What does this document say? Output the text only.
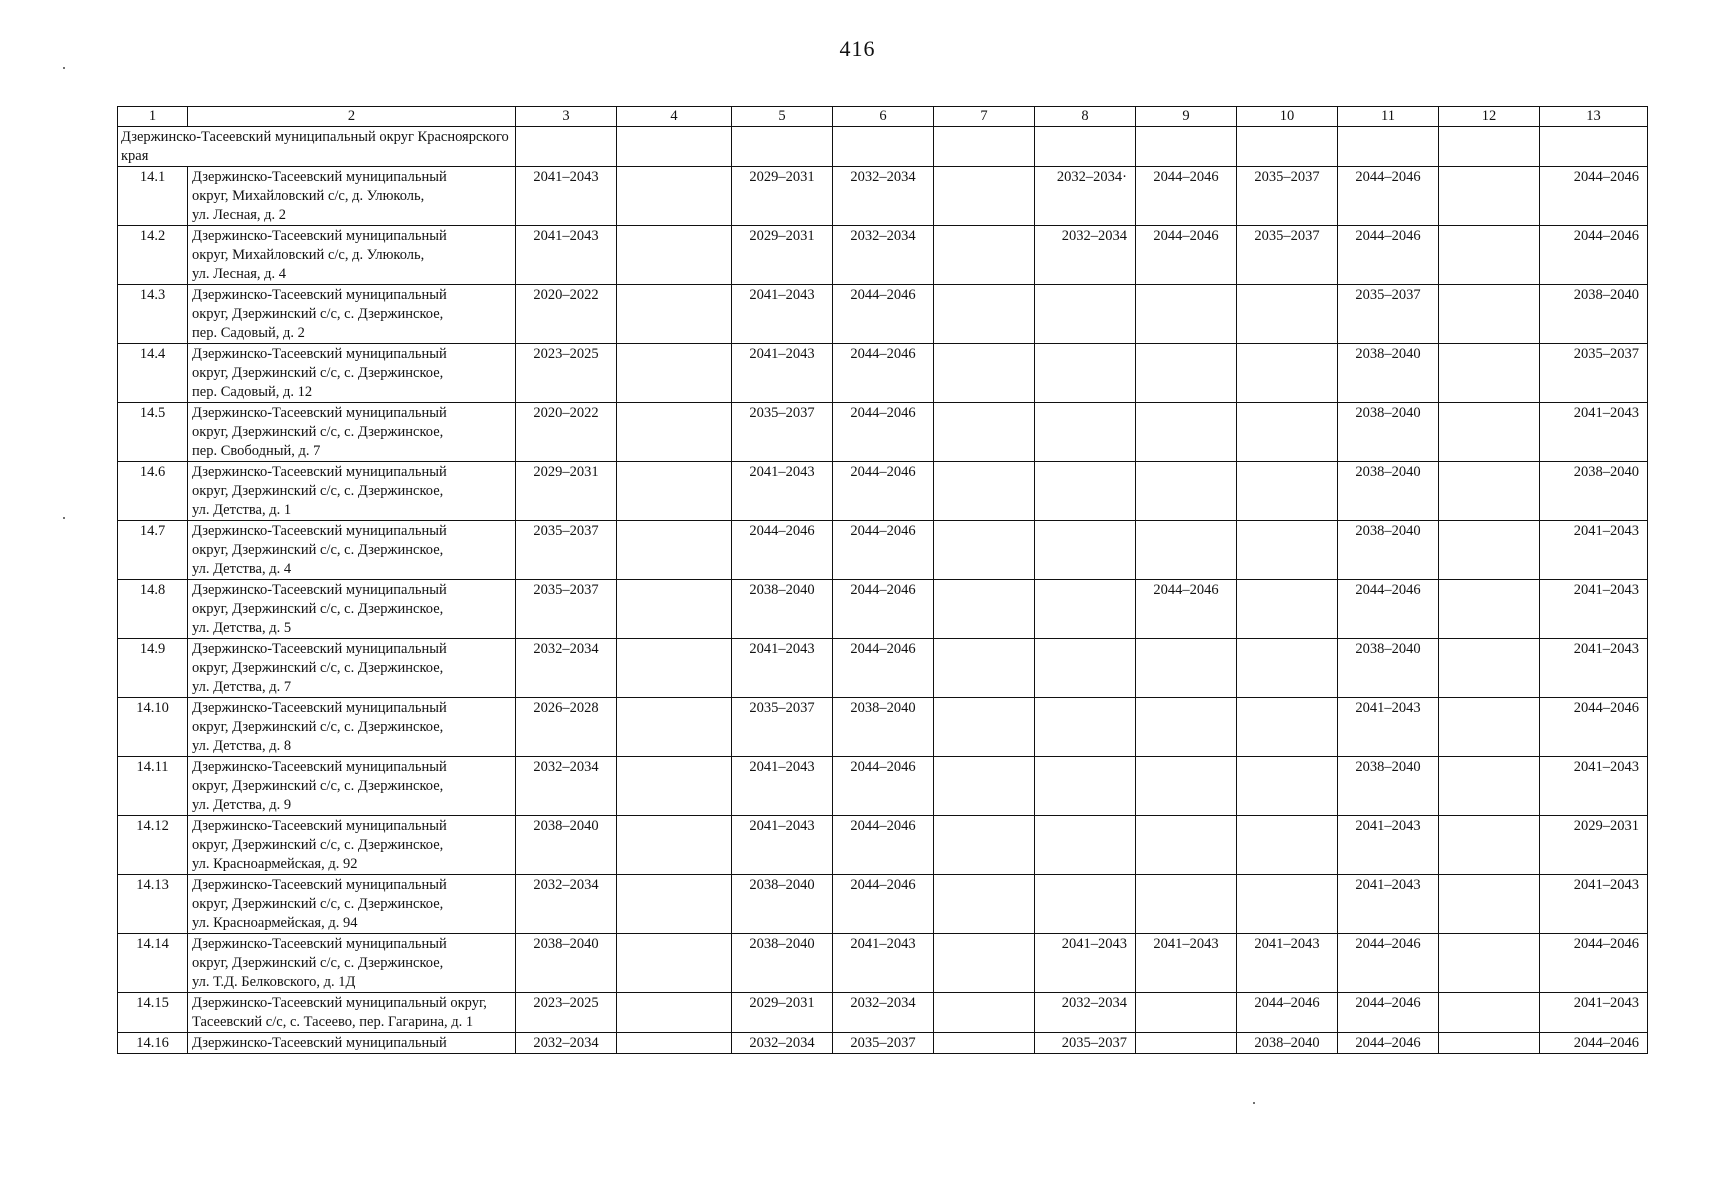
416
1	2	3	4	5	6	7	8	9	10	11	12	13
Дзержинско-Тасеевский муниципальный округ Красноярского края												
14.1	Дзержинско-Тасеевский муниципальный
округ, Михайловский с/с, д. Улюколь,
ул. Лесная, д. 2	2041–2043		2029–2031	2032–2034		2032–2034·	2044–2046	2035–2037	2044–2046		2044–2046
14.2	Дзержинско-Тасеевский муниципальный
округ, Михайловский с/с, д. Улюколь,
ул. Лесная, д. 4	2041–2043		2029–2031	2032–2034		2032–2034	2044–2046	2035–2037	2044–2046		2044–2046
14.3	Дзержинско-Тасеевский муниципальный
округ, Дзержинский с/с, с. Дзержинское,
пер. Садовый, д. 2	2020–2022		2041–2043	2044–2046					2035–2037		2038–2040
14.4	Дзержинско-Тасеевский муниципальный
округ, Дзержинский с/с, с. Дзержинское,
пер. Садовый, д. 12	2023–2025		2041–2043	2044–2046					2038–2040		2035–2037
14.5	Дзержинско-Тасеевский муниципальный
округ, Дзержинский с/с, с. Дзержинское,
пер. Свободный, д. 7	2020–2022		2035–2037	2044–2046					2038–2040		2041–2043
14.6	Дзержинско-Тасеевский муниципальный
округ, Дзержинский с/с, с. Дзержинское,
ул. Детства, д. 1	2029–2031		2041–2043	2044–2046					2038–2040		2038–2040
14.7	Дзержинско-Тасеевский муниципальный
округ, Дзержинский с/с, с. Дзержинское,
ул. Детства, д. 4	2035–2037		2044–2046	2044–2046					2038–2040		2041–2043
14.8	Дзержинско-Тасеевский муниципальный
округ, Дзержинский с/с, с. Дзержинское,
ул. Детства, д. 5	2035–2037		2038–2040	2044–2046			2044–2046		2044–2046		2041–2043
14.9	Дзержинско-Тасеевский муниципальный
округ, Дзержинский с/с, с. Дзержинское,
ул. Детства, д. 7	2032–2034		2041–2043	2044–2046					2038–2040		2041–2043
14.10	Дзержинско-Тасеевский муниципальный
округ, Дзержинский с/с, с. Дзержинское,
ул. Детства, д. 8	2026–2028		2035–2037	2038–2040					2041–2043		2044–2046
14.11	Дзержинско-Тасеевский муниципальный
округ, Дзержинский с/с, с. Дзержинское,
ул. Детства, д. 9	2032–2034		2041–2043	2044–2046					2038–2040		2041–2043
14.12	Дзержинско-Тасеевский муниципальный
округ, Дзержинский с/с, с. Дзержинское,
ул. Красноармейская, д. 92	2038–2040		2041–2043	2044–2046					2041–2043		2029–2031
14.13	Дзержинско-Тасеевский муниципальный
округ, Дзержинский с/с, с. Дзержинское,
ул. Красноармейская, д. 94	2032–2034		2038–2040	2044–2046					2041–2043		2041–2043
14.14	Дзержинско-Тасеевский муниципальный
округ, Дзержинский с/с, с. Дзержинское,
ул. Т.Д. Белковского, д. 1Д	2038–2040		2038–2040	2041–2043		2041–2043	2041–2043	2041–2043	2044–2046		2044–2046
14.15	Дзержинско-Тасеевский муниципальный округ,
Тасеевский с/с, с. Тасеево, пер. Гагарина, д. 1	2023–2025		2029–2031	2032–2034		2032–2034		2044–2046	2044–2046		2041–2043
14.16	Дзержинско-Тасеевский муниципальный	2032–2034		2032–2034	2035–2037		2035–2037		2038–2040	2044–2046		2044–2046
